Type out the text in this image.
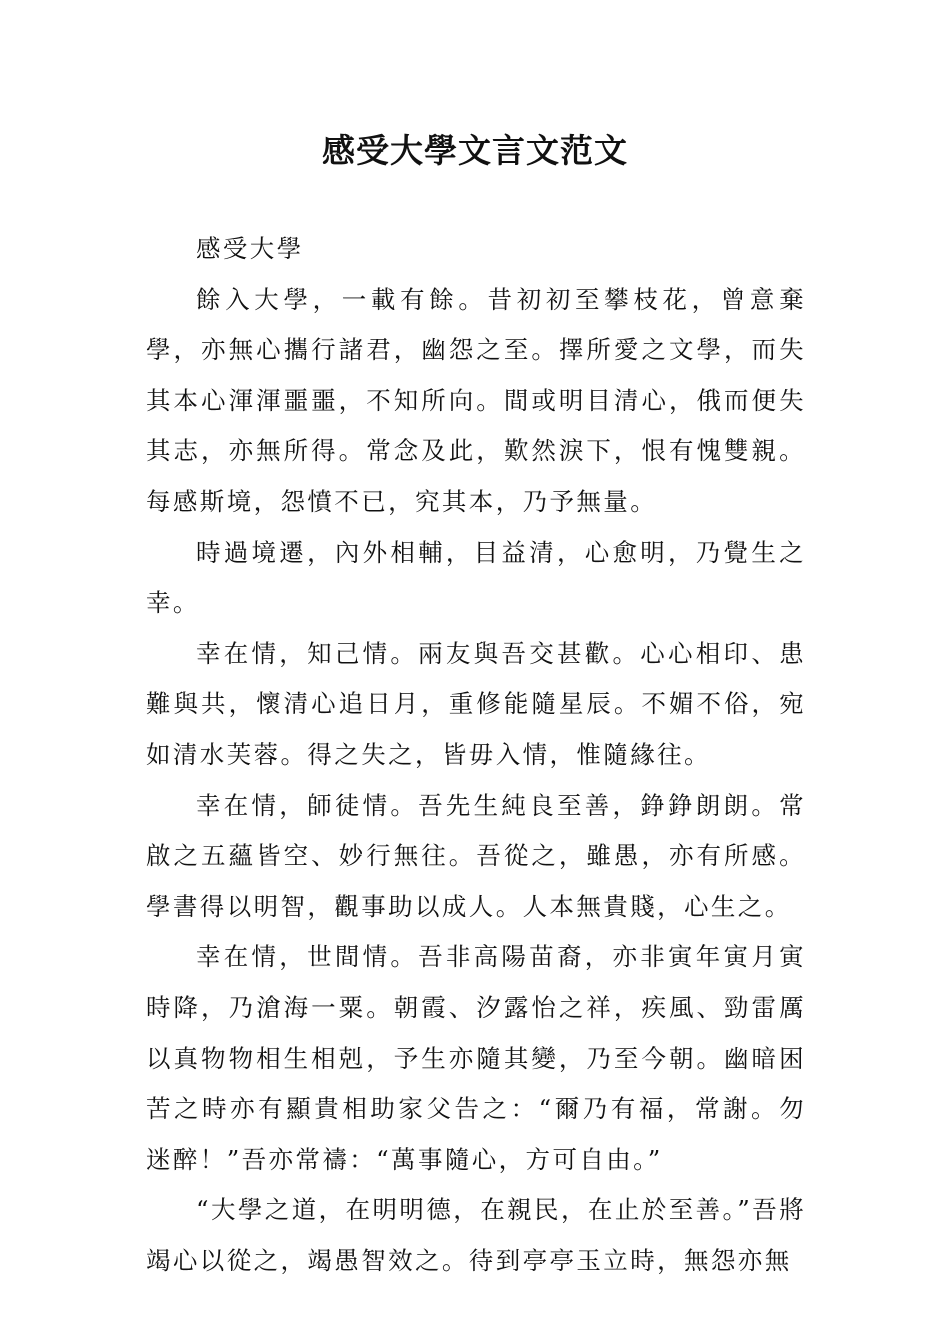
感受大學文言文范文

感受大學

餘入大學，一載有餘。昔初初至攀枝花，曾意棄學，亦無心攜行諸君，幽怨之至。擇所愛之文學，而失其本心渾渾噩噩，不知所向。間或明目清心，俄而便失其志，亦無所得。常念及此，歎然淚下，恨有愧雙親。每感斯境，怨憤不已，究其本，乃予無量。

時過境遷，內外相輔，目益清，心愈明，乃覺生之幸。

幸在情，知己情。兩友與吾交甚歡。心心相印、患難與共，懷清心追日月，重修能隨星辰。不媚不俗，宛如清水芙蓉。得之失之，皆毋入情，惟隨緣往。

幸在情，師徒情。吾先生純良至善，錚錚朗朗。常啟之五蘊皆空、妙行無往。吾從之，雖愚，亦有所感。學書得以明智，觀事助以成人。人本無貴賤，心生之。

幸在情，世間情。吾非高陽苗裔，亦非寅年寅月寅時降，乃滄海一粟。朝霞、汐露怡之祥，疾風、勁雷厲以真物物相生相剋，予生亦隨其變，乃至今朝。幽暗困苦之時亦有顯貴相助家父告之：“爾乃有福，常謝。勿迷醉！”吾亦常禱：“萬事隨心，方可自由。”

“大學之道，在明明德，在親民，在止於至善。”吾將竭心以從之，竭愚智效之。待到亭亭玉立時，無怨亦無
